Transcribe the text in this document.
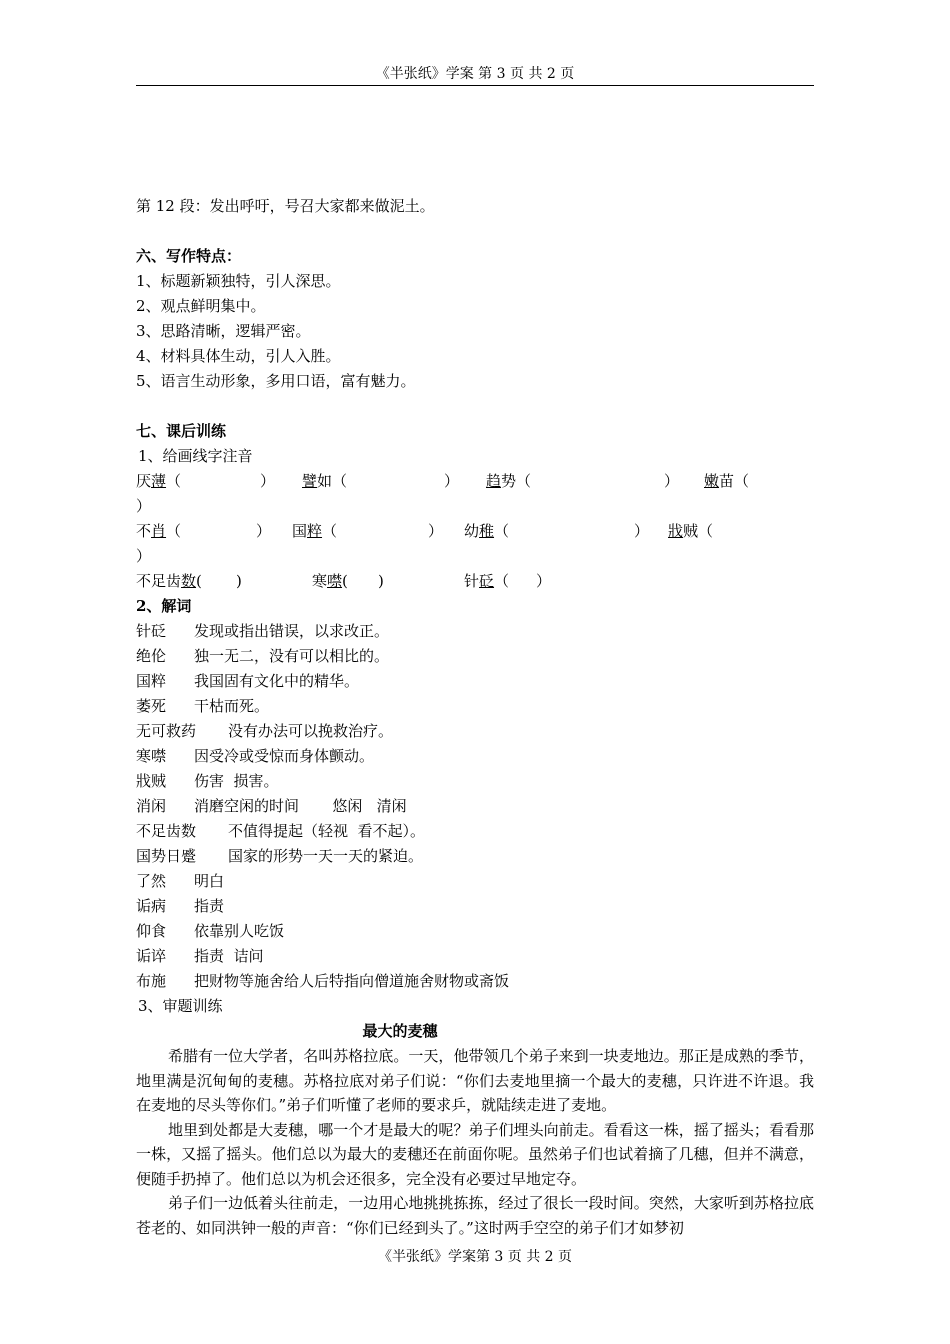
《半张纸》学案 第 3 页 共 2 页
第 12 段：发出呼吁，号召大家都来做泥土。
六、写作特点：
1、标题新颖独特，引人深思。
2、观点鲜明集中。
3、思路清晰，逻辑严密。
4、材料具体生动，引人入胜。
5、语言生动形象，多用口语，富有魅力。
七、课后训练
1、给画线字注音
厌薄（	） 譬如（	） 趋势（	） 嫩苗（
）
不肖（	） 国粹（	） 幼稚（	） 戕贼（
）
不足齿数( )	寒噤( )	针砭（ ）
2、解词
针砭 发现或指出错误，以求改正。
绝伦 独一无二，没有可以相比的。
国粹 我国固有文化中的精华。
萎死 干枯而死。
无可救药 没有办法可以挽救治疗。
寒噤 因受冷或受惊而身体颤动。
戕贼 伤害  损害。
消闲 消磨空闲的时间       悠闲   清闲
不足齿数 不值得提起（轻视  看不起）。
国势日蹙 国家的形势一天一天的紧迫。
了然 明白
诟病 指责
仰食 依靠别人吃饭
诟谇 指责  诘问
布施 把财物等施舍给人后特指向僧道施舍财物或斋饭
3、审题训练
最大的麦穗

希腊有一位大学者，名叫苏格拉底。一天，他带领几个弟子来到一块麦地边。那正是成熟的季节，地里满是沉甸甸的麦穗。苏格拉底对弟子们说：“你们去麦地里摘一个最大的麦穗，只许进不许退。我在麦地的尽头等你们。”弟子们听懂了老师的要求乒，就陆续走进了麦地。

地里到处都是大麦穗，哪一个才是最大的呢？弟子们埋头向前走。看看这一株，摇了摇头；看看那一株，又摇了摇头。他们总以为最大的麦穗还在前面你呢。虽然弟子们也试着摘了几穗，但并不满意，便随手扔掉了。他们总以为机会还很多，完全没有必要过早地定夺。

弟子们一边低着头往前走，一边用心地挑挑拣拣，经过了很长一段时间。突然，大家听到苏格拉底苍老的、如同洪钟一般的声音：“你们已经到头了。”这时两手空空的弟子们才如梦初

《半张纸》学案第 3 页 共 2 页
